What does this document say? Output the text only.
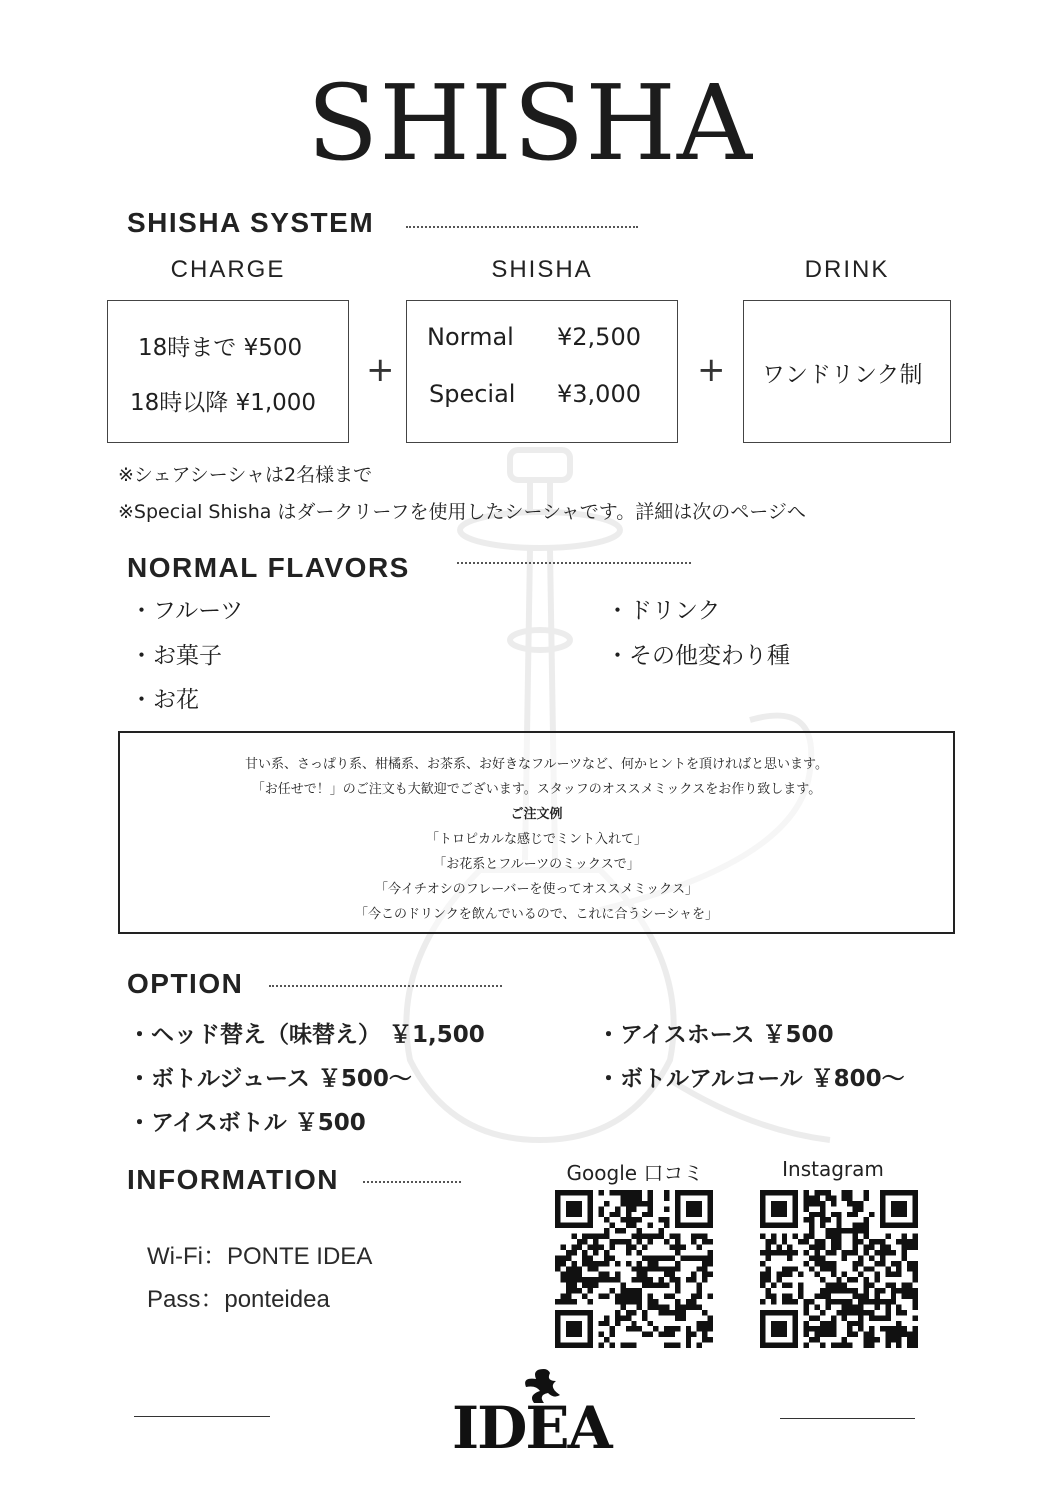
SHISHA
SHISHA SYSTEM
CHARGE	SHISHA	DRINK
18時まで ¥500
18時以降 ¥1,000
+
Normal ¥2,500
Special ¥3,000
+ ワンドリンク制
※シェアシーシャは2名様まで
※Special Shisha はダークリーフを使用したシーシャです。詳細は次のページへ
NORMAL FLAVORS
・フルーツ
・お菓子
・お花
・ドリンク
・その他変わり種
甘い系、さっぱり系、柑橘系、お茶系、お好きなフルーツなど、何かヒントを頂ければと思います。
「お任せで！」のご注文も大歓迎でございます。スタッフのオススメミックスをお作り致します。
ご注文例
「トロピカルな感じでミント入れて」
「お花系とフルーツのミックスで」
「今イチオシのフレーバーを使ってオススメミックス」
「今このドリンクを飲んでいるので、これに合うシーシャを」
OPTION
・ヘッド替え（味替え） ￥1,500
・ボトルジュース ￥500〜
・アイスボトル ￥500
・アイスホース ￥500
・ボトルアルコール ￥800〜
INFORMATION
Wi-Fi：PONTE IDEA
Pass：ponteidea
Google 口コミ	Instagram
IDEA
